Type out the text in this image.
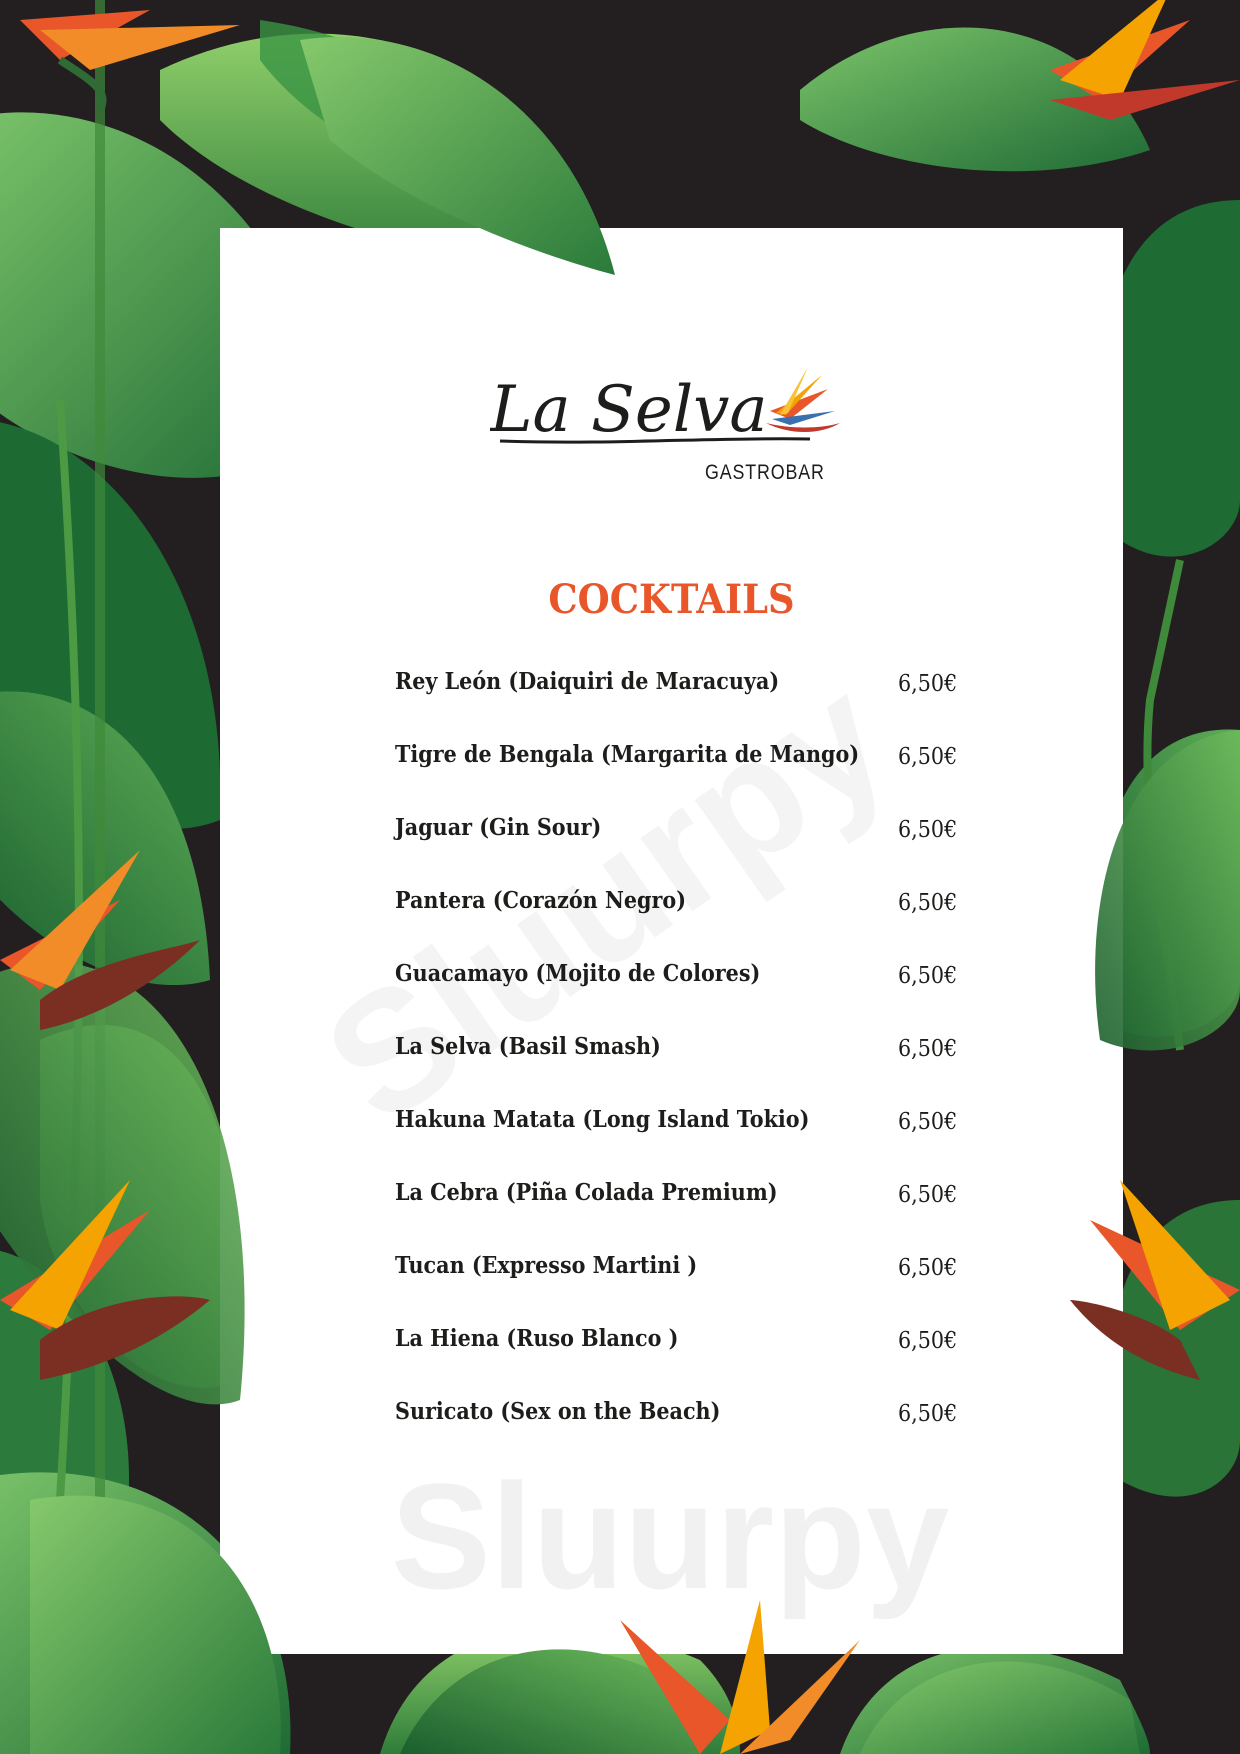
La Selva
GASTROBAR
COCKTAILS
Rey León (Daiquiri de Maracuya)	6,50€
Tigre de Bengala (Margarita de Mango) 6,50€
Jaguar (Gin Sour)	6,50€
Pantera (Corazón Negro)	6,50€
Guacamayo (Mojito de Colores)	6,50€
La Selva (Basil Smash)	6,50€
Hakuna Matata (Long Island Tokio)	6,50€
La Cebra (Piña Colada Premium)	6,50€
Tucan (Expresso Martini )	6,50€
La Hiena (Ruso Blanco )	6,50€
Suricato (Sex on the Beach)	6,50€
